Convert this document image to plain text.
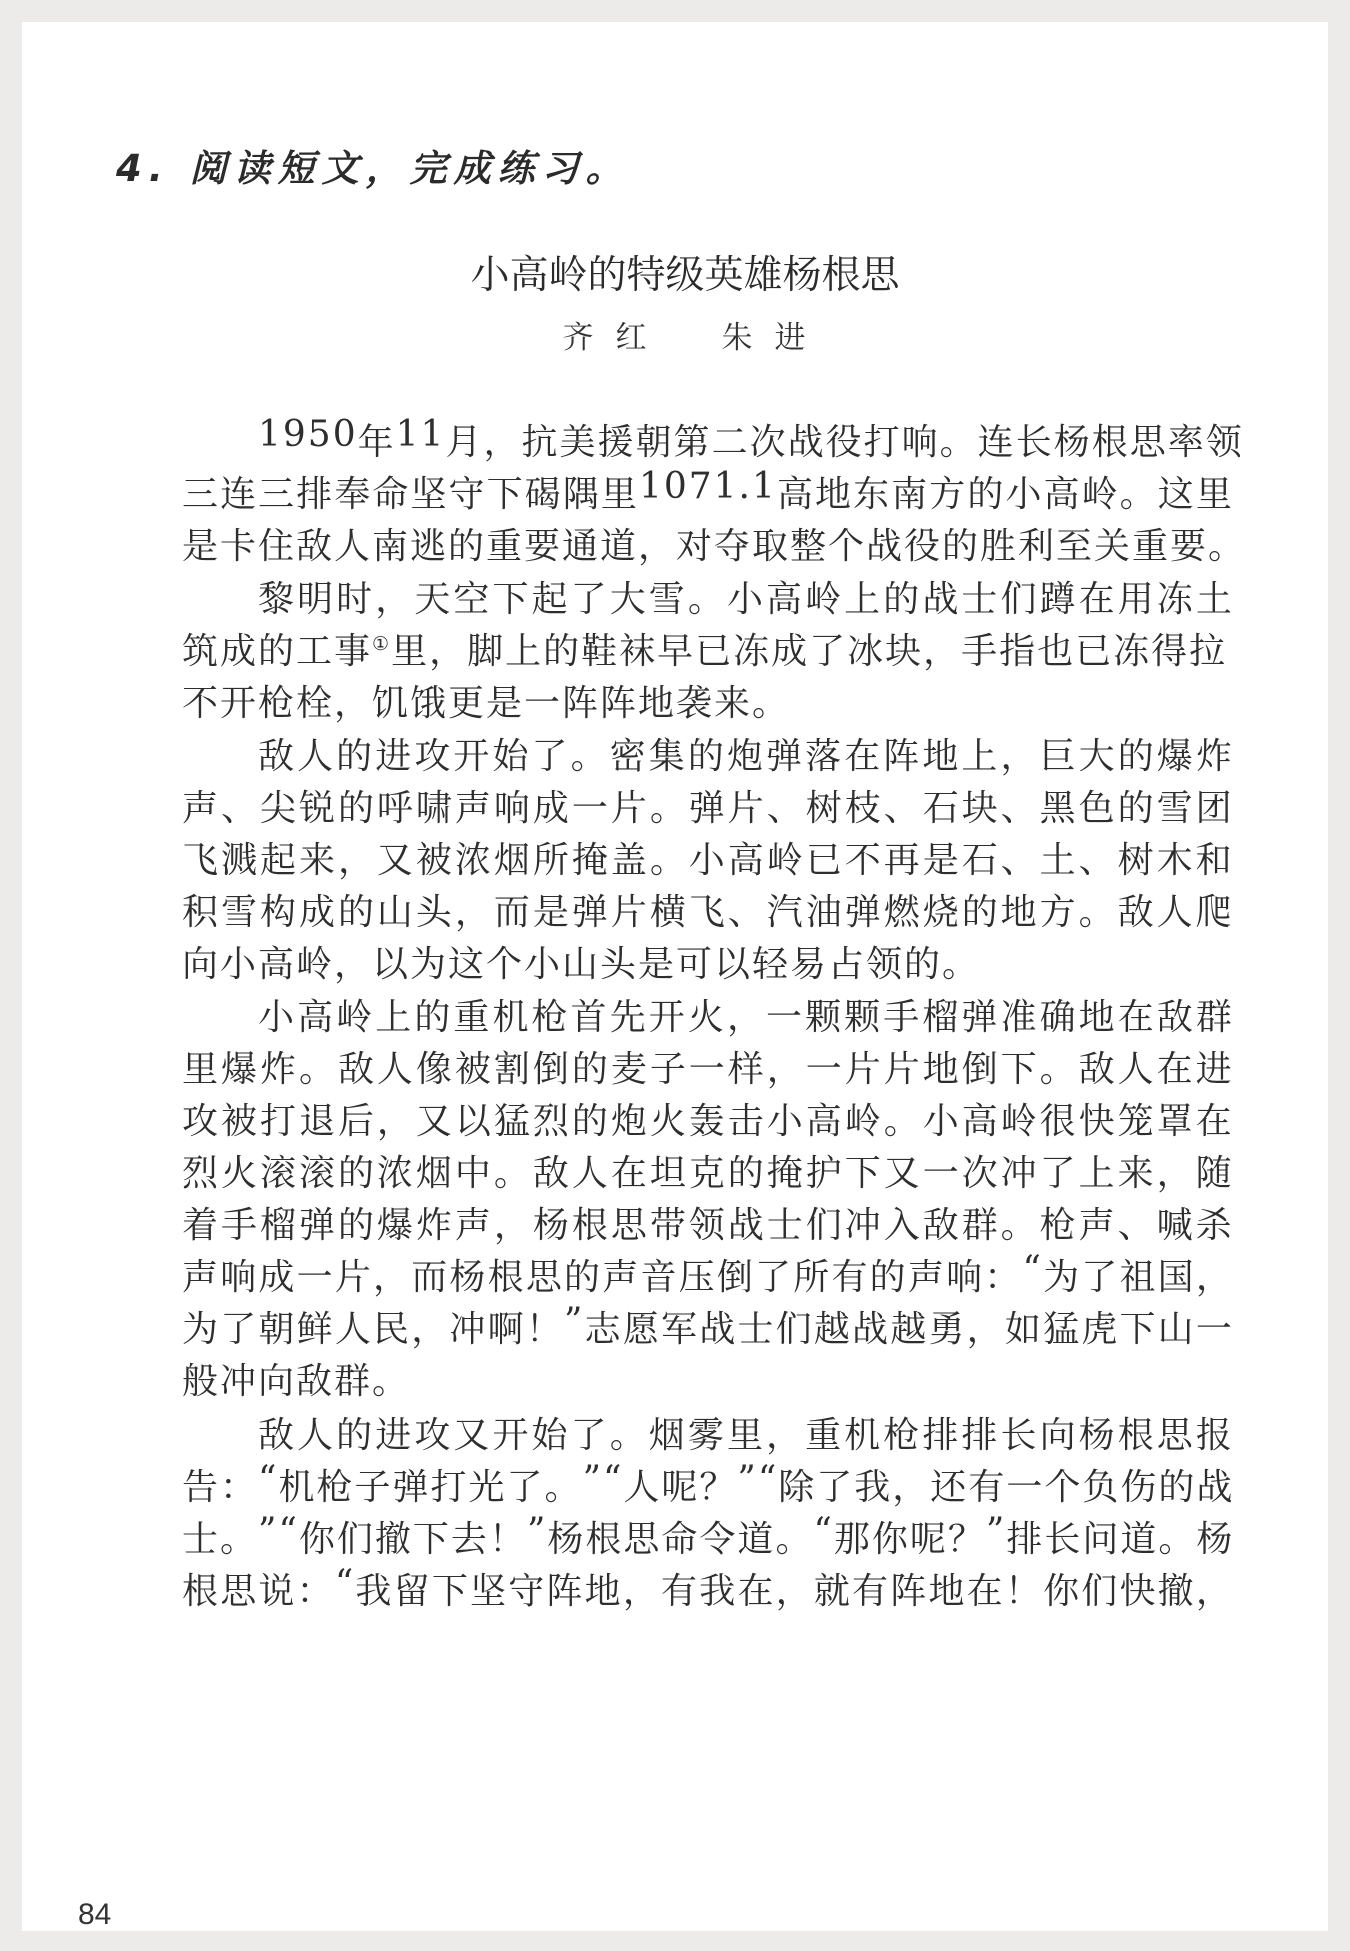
4. 阅读短文，完成练习。
小高岭的特级英雄杨根思
齐红　朱进
1950 年 11 月 ， 抗 美 援 朝 第 二 次 战 役 打 响 。 连 长 杨 根 思 率 领
三 连 三 排 奉 命 坚 守 下 碣 隅 里 1071.1 高 地 东 南 方 的 小 高 岭 。 这 里
是卡住敌人南逃的重要通道，对夺取整个战役的胜利至关重要。
黎 明 时 ， 天 空 下 起 了 大 雪 。 小 高 岭 上 的 战 士 们 蹲 在 用 冻 土
筑成的工事①里，脚上的鞋袜早已冻成了冰块，手指也已冻得拉
不开枪栓，饥饿更是一阵阵地袭来。
敌 人 的 进 攻 开 始 了 。 密 集 的 炮 弹 落 在 阵 地 上 ， 巨 大 的 爆 炸
声 、 尖 锐 的 呼 啸 声 响 成 一 片 。 弹 片 、 树 枝 、 石 块 、 黑 色 的 雪 团
飞 溅 起 来 ， 又 被 浓 烟 所 掩 盖 。 小 高 岭 已 不 再 是 石 、 土 、 树 木 和
积 雪 构 成 的 山 头 ， 而 是 弹 片 横 飞 、 汽 油 弹 燃 烧 的 地 方 。 敌 人 爬
向小高岭，以为这个小山头是可以轻易占领的。
小 高 岭 上 的 重 机 枪 首 先 开 火 ， 一 颗 颗 手 榴 弹 准 确 地 在 敌 群
里 爆 炸 。 敌 人 像 被 割 倒 的 麦 子 一 样 ， 一 片 片 地 倒 下 。 敌 人 在 进
攻 被 打 退 后 ， 又 以 猛 烈 的 炮 火 轰 击 小 高 岭 。 小 高 岭 很 快 笼 罩 在
烈 火 滚 滚 的 浓 烟 中 。 敌 人 在 坦 克 的 掩 护 下 又 一 次 冲 了 上 来 ， 随
着 手 榴 弹 的 爆 炸 声 ， 杨 根 思 带 领 战 士 们 冲 入 敌 群 。 枪 声 、 喊 杀
声 响 成 一 片 ， 而 杨 根 思 的 声 音 压 倒 了 所 有 的 声 响 ： “ 为 了 祖 国 ，
为 了 朝 鲜 人 民 ， 冲 啊 ！ ” 志 愿 军 战 士 们 越 战 越 勇 ， 如 猛 虎 下 山 一
般冲向敌群。
敌 人 的 进 攻 又 开 始 了 。 烟 雾 里 ， 重 机 枪 排 排 长 向 杨 根 思 报
告 ： “ 机 枪 子 弹 打 光 了 。 ” “ 人 呢 ？ ” “ 除 了 我 ， 还 有 一 个 负 伤 的 战
士 。 ” “ 你 们 撤 下 去 ！ ” 杨 根 思 命 令 道 。 “ 那 你 呢 ？ ” 排 长 问 道 。 杨
根 思 说 ： “ 我 留 下 坚 守 阵 地 ， 有 我 在 ， 就 有 阵 地 在 ！ 你 们 快 撤 ，
84
